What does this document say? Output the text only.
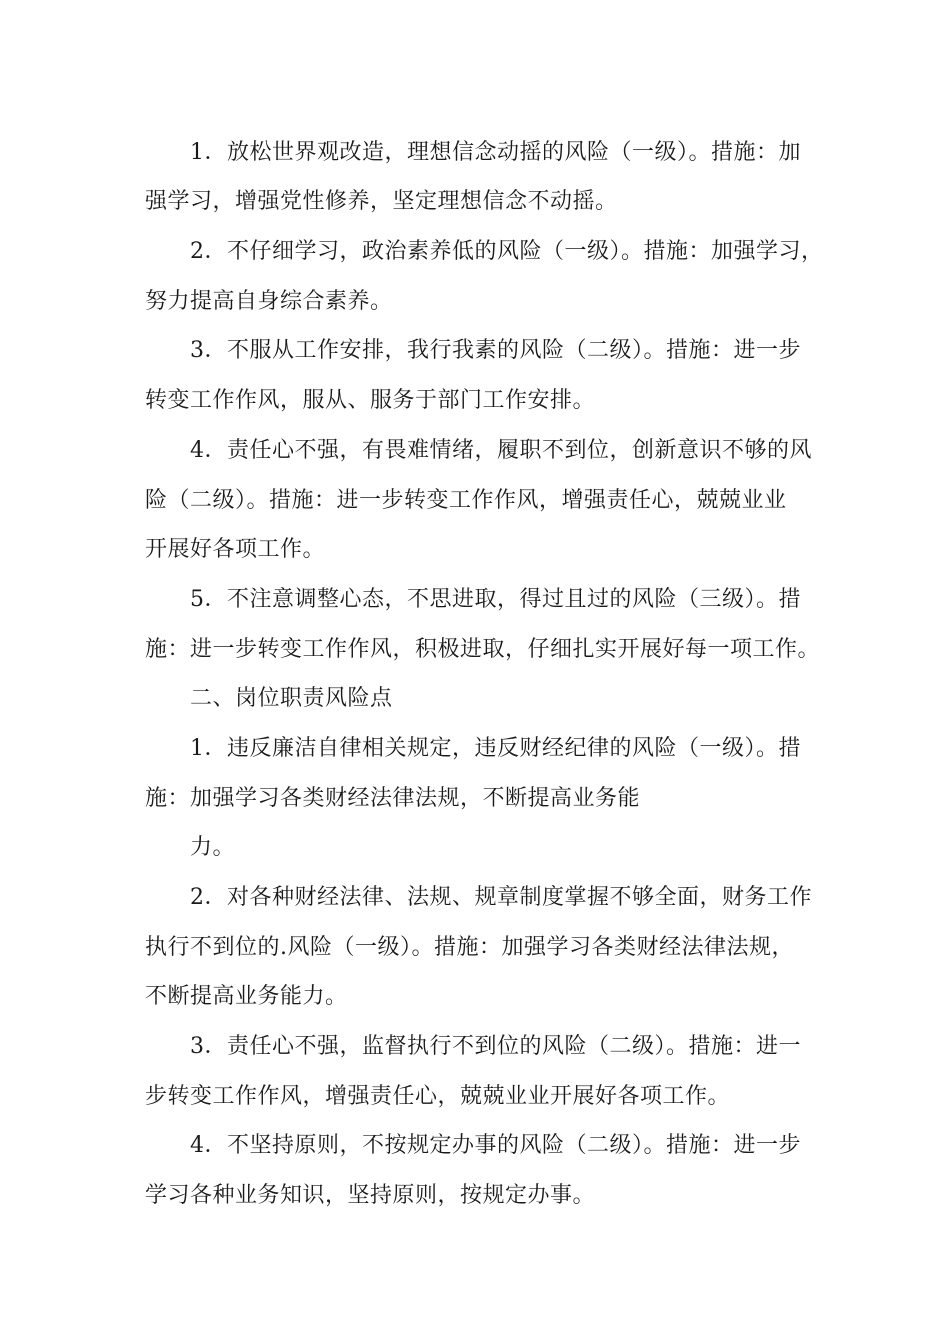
1．放松世界观改造，理想信念动摇的风险（一级）。措施：加
强学习，增强党性修养，坚定理想信念不动摇。
2．不仔细学习，政治素养低的风险（一级）。措施：加强学习，
努力提高自身综合素养。
3．不服从工作安排，我行我素的风险（二级）。措施：进一步
转变工作作风，服从、服务于部门工作安排。
4．责任心不强，有畏难情绪，履职不到位，创新意识不够的风
险（二级）。措施：进一步转变工作作风，增强责任心，兢兢业业
开展好各项工作。
5．不注意调整心态，不思进取，得过且过的风险（三级）。措
施：进一步转变工作作风，积极进取，仔细扎实开展好每一项工作。
二、岗位职责风险点
1．违反廉洁自律相关规定，违反财经纪律的风险（一级）。措
施：加强学习各类财经法律法规，不断提高业务能
力。
2．对各种财经法律、法规、规章制度掌握不够全面，财务工作
执行不到位的.风险（一级）。措施：加强学习各类财经法律法规，
不断提高业务能力。
3．责任心不强，监督执行不到位的风险（二级）。措施：进一
步转变工作作风，增强责任心，兢兢业业开展好各项工作。
4．不坚持原则，不按规定办事的风险（二级）。措施：进一步
学习各种业务知识，坚持原则，按规定办事。
